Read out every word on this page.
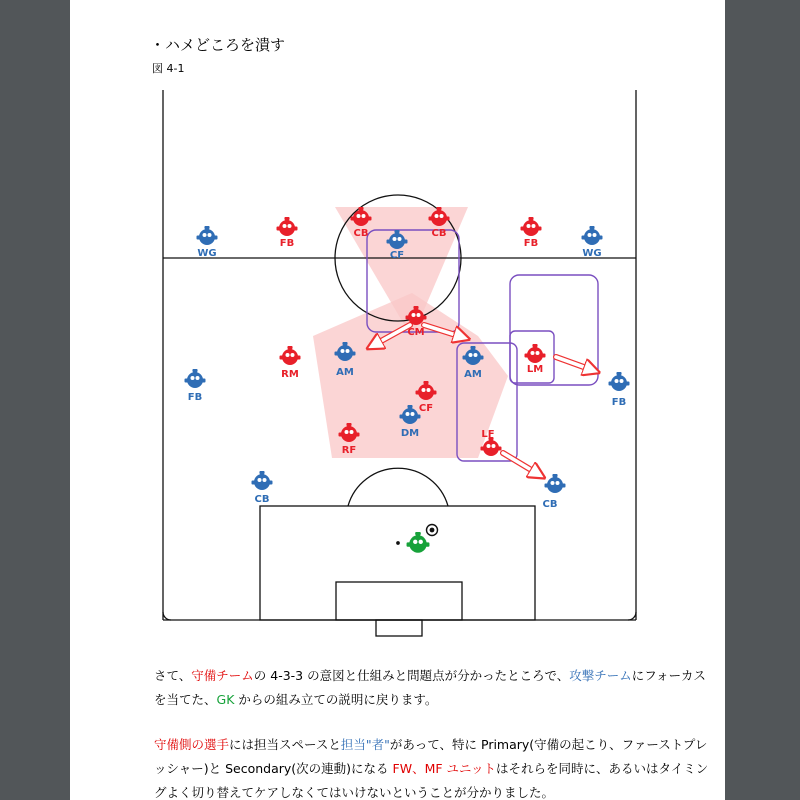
・ハメどころを潰す
図 4-1
WG
FB
CB	CB
CF
FB
WG
CM
RM	AM
FB
AM	LM
FB
CF
DM
RF
LF
CB	CB

さて、守備チームの 4-3-3 の意図と仕組みと問題点が分かったところで、攻撃チームにフォーカスを当てた、GK からの組み立ての説明に戻ります。

守備側の選手には担当スペースと担当"者"があって、特に Primary(守備の起こり、ファーストプレッシャー)と Secondary(次の連動)になる FW、MF ユニットはそれらを同時に、あるいはタイミングよく切り替えてケアしなくてはいけないということが分かりました。
